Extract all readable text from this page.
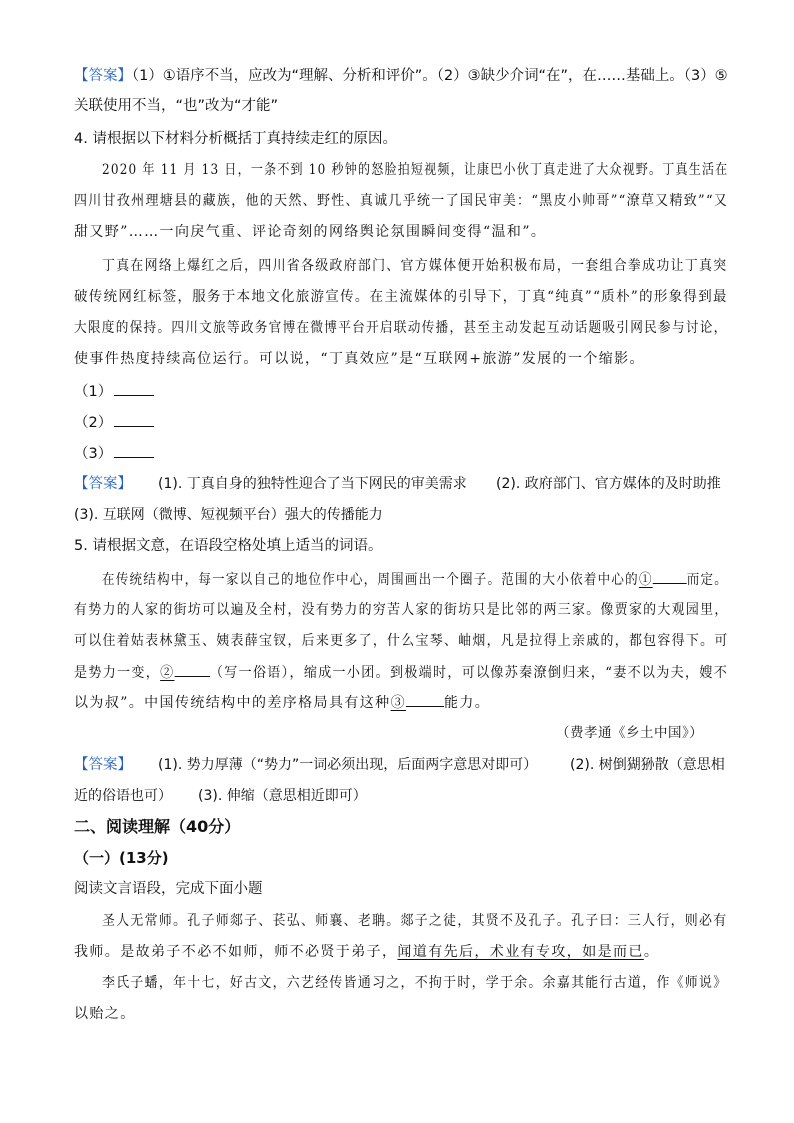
【答案】（1）①语序不当，应改为“理解、分析和评价”。（2）③缺少介词“在”，在……基础上。（3）⑤
关联使用不当，“也”改为“才能”
4. 请根据以下材料分析概括丁真持续走红的原因。
2020 年 11 月 13 日，一条不到 10 秒钟的怒脸拍短视频，让康巴小伙丁真走进了大众视野。丁真生活在
四川甘孜州理塘县的藏族，他的天然、野性、真诚几乎统一了国民审美：“黑皮小帅哥”“潦草又精致”“又
甜又野”……一向戾气重、评论奇刻的网络舆论氛围瞬间变得“温和”。
丁真在网络上爆红之后，四川省各级政府部门、官方媒体便开始积极布局，一套组合拳成功让丁真突
破传统网红标签，服务于本地文化旅游宣传。在主流媒体的引导下，丁真“纯真”“质朴”的形象得到最
大限度的保持。四川文旅等政务官博在微博平台开启联动传播，甚至主动发起互动话题吸引网民参与讨论，
使事件热度持续高位运行。可以说，“丁真效应”是“互联网+旅游”发展的一个缩影。
（1）
（2）
（3）
【答案】 (1). 丁真自身的独特性迎合了当下网民的审美需求 (2). 政府部门、官方媒体的及时助推
(3). 互联网（微博、短视频平台）强大的传播能力
5. 请根据文意，在语段空格处填上适当的词语。
在传统结构中，每一家以自己的地位作中心，周围画出一个圈子。范围的大小依着中心的① 而定。
有势力的人家的街坊可以遍及全村，没有势力的穷苦人家的街坊只是比邻的两三家。像贾家的大观园里，
可以住着姑表林黛玉、姨表薛宝钗，后来更多了，什么宝琴、岫烟，凡是拉得上亲戚的，都包容得下。可
是势力一变，②	（写一俗语），缩成一小团。到极端时，可以像苏秦潦倒归来，“妻不以为夫，嫂不
以为叔”。中国传统结构中的差序格局具有这种③	能力。
（费孝通《乡土中国》）
【答案】 (1). 势力厚薄（“势力”一词必须出现，后面两字意思对即可） (2). 树倒猢狲散（意思相
近的俗语也可） (3). 伸缩（意思相近即可）
二、阅读理解（40分）
（一）(13分)
阅读文言语段，完成下面小题
圣人无常师。孔子师郯子、苌弘、师襄、老聃。郯子之徒，其贤不及孔子。孔子曰：三人行，则必有
我师。是故弟子不必不如师，师不必贤于弟子，闻道有先后，术业有专攻，如是而已。
李氏子蟠，年十七，好古文，六艺经传皆通习之，不拘于时，学于余。余嘉其能行古道，作《师说》
以贻之。
